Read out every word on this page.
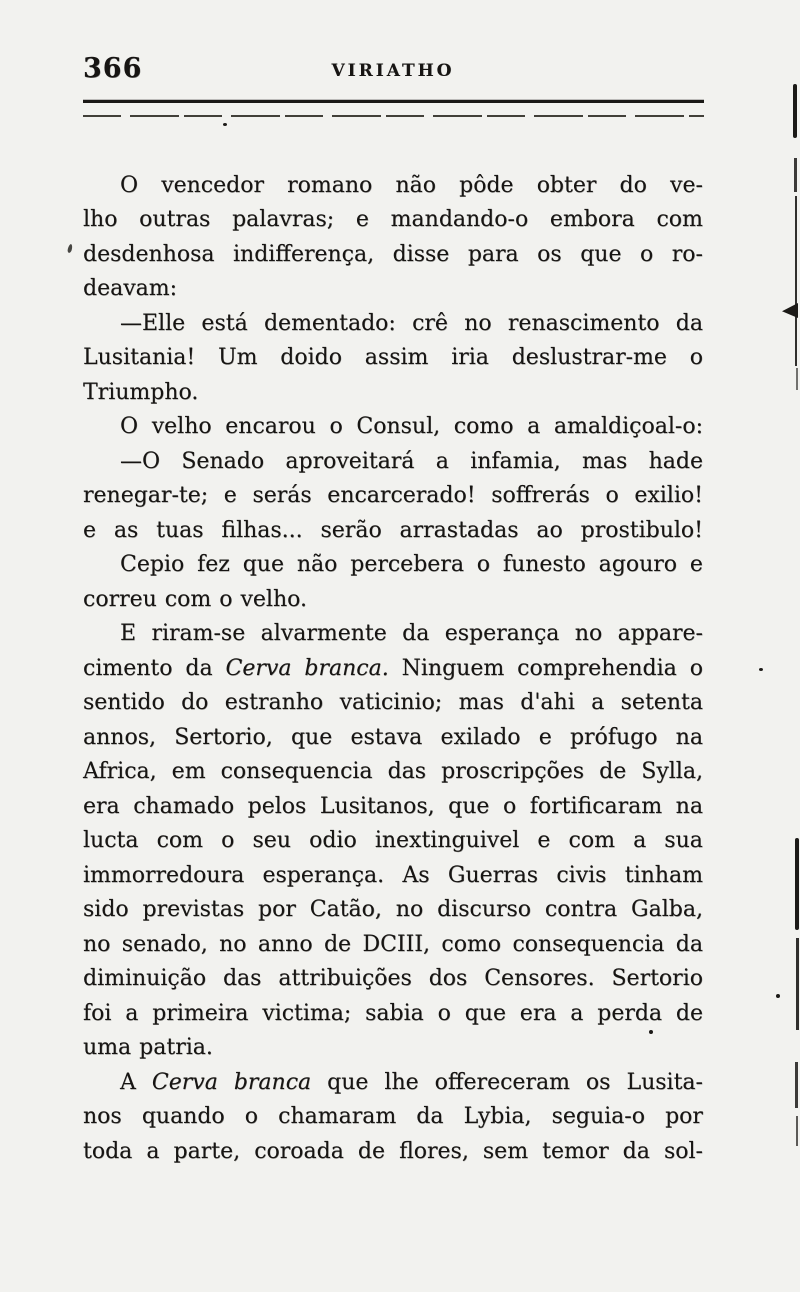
366	VIRIATHO
O vencedor romano não pôde obter do ve-
lho outras palavras; e mandando-o embora com
desdenhosa indifferença, disse para os que o ro-
deavam:
—Elle está dementado: crê no renascimento da
Lusitania! Um doido assim iria deslustrar-me o
Triumpho.
O velho encarou o Consul, como a amaldiçoal-o:
—O Senado aproveitará a infamia, mas hade
renegar-te; e serás encarcerado! soffrerás o exilio!
e as tuas filhas... serão arrastadas ao prostibulo!
Cepio fez que não percebera o funesto agouro e
correu com o velho.
E riram-se alvarmente da esperança no appare-
cimento da Cerva branca. Ninguem comprehendia o
sentido do estranho vaticinio; mas d'ahi a setenta
annos, Sertorio, que estava exilado e prófugo na
Africa, em consequencia das proscripções de Sylla,
era chamado pelos Lusitanos, que o fortificaram na
lucta com o seu odio inextinguivel e com a sua
immorredoura esperança. As Guerras civis tinham
sido previstas por Catão, no discurso contra Galba,
no senado, no anno de DCIII, como consequencia da
diminuição das attribuições dos Censores. Sertorio
foi a primeira victima; sabia o que era a perda de
uma patria.
A Cerva branca que lhe offereceram os Lusita-
nos quando o chamaram da Lybia, seguia-o por
toda a parte, coroada de flores, sem temor da sol-
